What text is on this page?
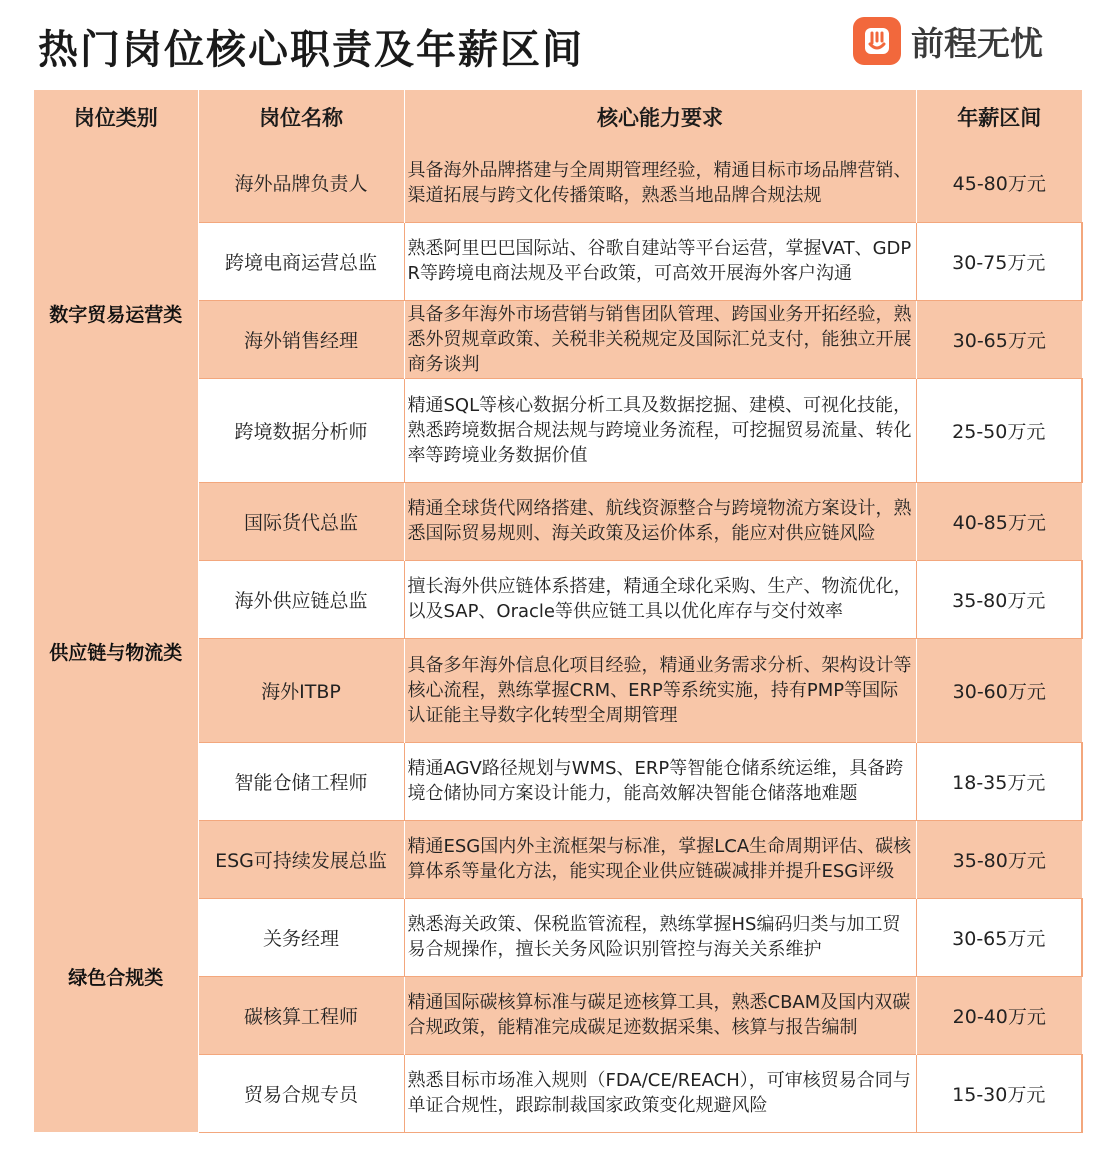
热门岗位核心职责及年薪区间	前程无忧
岗位类别	岗位名称	核心能力要求	年薪区间
数字贸易运营类	海外品牌负责人	具备海外品牌搭建与全周期管理经验，精通目标市场品牌营销、渠道拓展与跨文化传播策略，熟悉当地品牌合规法规	45-80万元
	跨境电商运营总监	熟悉阿里巴巴国际站、谷歌自建站等平台运营，掌握VAT、GDPR等跨境电商法规及平台政策，可高效开展海外客户沟通	30-75万元
	海外销售经理	具备多年海外市场营销与销售团队管理、跨国业务开拓经验，熟悉外贸规章政策、关税非关税规定及国际汇兑支付，能独立开展商务谈判	30-65万元
	跨境数据分析师	精通SQL等核心数据分析工具及数据挖掘、建模、可视化技能，熟悉跨境数据合规法规与跨境业务流程，可挖掘贸易流量、转化率等跨境业务数据价值	25-50万元
供应链与物流类	国际货代总监	精通全球货代网络搭建、航线资源整合与跨境物流方案设计，熟悉国际贸易规则、海关政策及运价体系，能应对供应链风险	40-85万元
	海外供应链总监	擅长海外供应链体系搭建，精通全球化采购、生产、物流优化，以及SAP、Oracle等供应链工具以优化库存与交付效率	35-80万元
	海外ITBP	具备多年海外信息化项目经验，精通业务需求分析、架构设计等核心流程，熟练掌握CRM、ERP等系统实施，持有PMP等国际认证能主导数字化转型全周期管理	30-60万元
	智能仓储工程师	精通AGV路径规划与WMS、ERP等智能仓储系统运维，具备跨境仓储协同方案设计能力，能高效解决智能仓储落地难题	18-35万元
绿色合规类	ESG可持续发展总监	精通ESG国内外主流框架与标准，掌握LCA生命周期评估、碳核算体系等量化方法，能实现企业供应链碳减排并提升ESG评级	35-80万元
	关务经理	熟悉海关政策、保税监管流程，熟练掌握HS编码归类与加工贸易合规操作，擅长关务风险识别管控与海关关系维护	30-65万元
	碳核算工程师	精通国际碳核算标准与碳足迹核算工具，熟悉CBAM及国内双碳合规政策，能精准完成碳足迹数据采集、核算与报告编制	20-40万元
	贸易合规专员	熟悉目标市场准入规则（FDA/CE/REACH），可审核贸易合同与单证合规性，跟踪制裁国家政策变化规避风险	15-30万元
